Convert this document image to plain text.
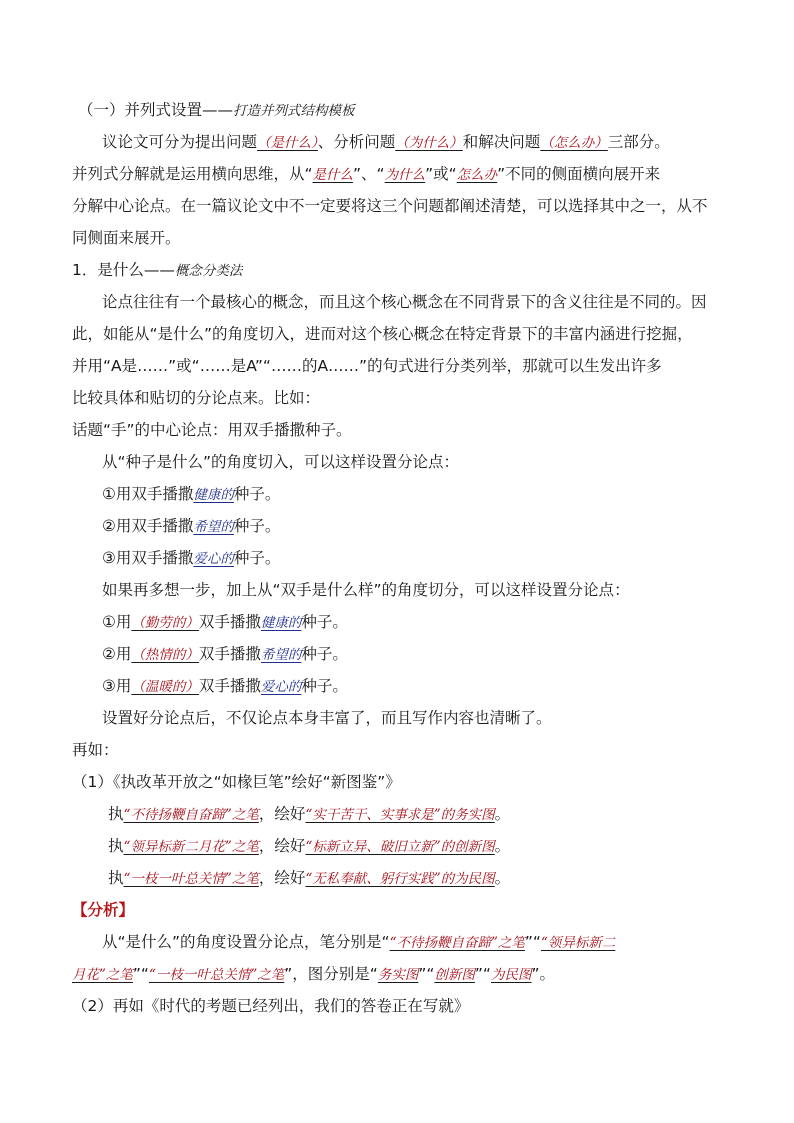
（一）并列式设置——打造并列式结构模板
议论文可分为提出问题（是什么）、分析问题（为什么）和解决问题（怎么办）三部分。
并列式分解就是运用横向思维，从“是什么”、“为什么”或“怎么办”不同的侧面横向展开来
分解中心论点。在一篇议论文中不一定要将这三个问题都阐述清楚，可以选择其中之一，从不
同侧面来展开。
1．是什么——概念分类法
论点往往有一个最核心的概念，而且这个核心概念在不同背景下的含义往往是不同的。因
此，如能从“是什么”的角度切入，进而对这个核心概念在特定背景下的丰富内涵进行挖掘，
并用“A是……”或“……是A”“……的A……”的句式进行分类列举，那就可以生发出许多
比较具体和贴切的分论点来。比如：
话题“手”的中心论点：用双手播撒种子。
从“种子是什么”的角度切入，可以这样设置分论点：
①用双手播撒健康的种子。
②用双手播撒希望的种子。
③用双手播撒爱心的种子。
如果再多想一步，加上从“双手是什么样”的角度切分，可以这样设置分论点：
①用（勤劳的）双手播撒健康的种子。
②用（热情的）双手播撒希望的种子。
③用（温暖的）双手播撒爱心的种子。
设置好分论点后，不仅论点本身丰富了，而且写作内容也清晰了。
再如：
（1）《执改革开放之“如椽巨笔”绘好“新图鉴”》
执“不待扬鞭自奋蹄”之笔，绘好“实干苦干、实事求是”的务实图。
执“领异标新二月花”之笔，绘好“标新立异、破旧立新”的创新图。
执“一枝一叶总关情”之笔，绘好“无私奉献、躬行实践”的为民图。
【分析】
从“是什么”的角度设置分论点，笔分别是““不待扬鞭自奋蹄”之笔”““领异标新二
月花”之笔”““一枝一叶总关情”之笔”，图分别是“务实图”“创新图”“为民图”。
（2）再如《时代的考题已经列出，我们的答卷正在写就》
